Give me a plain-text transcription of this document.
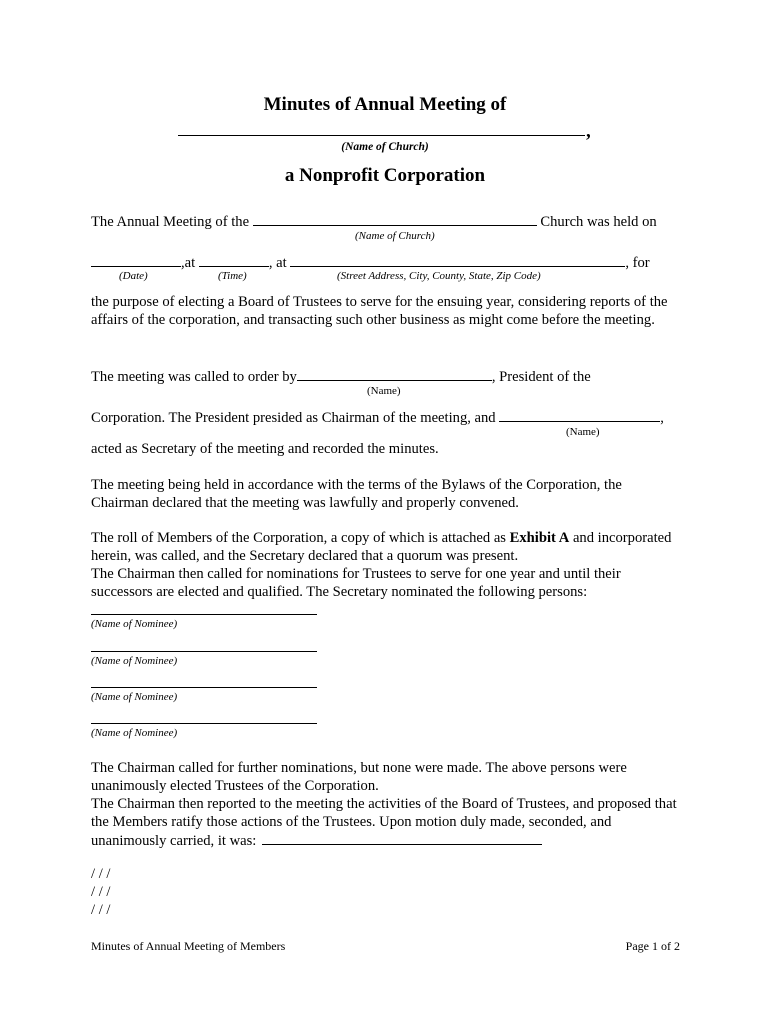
Minutes of Annual Meeting of
,
(Name of Church)
a Nonprofit Corporation
The Annual Meeting of the	Church was held on
(Name of Church)
,at	, at	, for
(Date)	(Time)	(Street Address, City, County, State, Zip Code)
the purpose of electing a Board of Trustees to serve for the ensuing year, considering reports of the affairs of the corporation, and transacting such other business as might come before the meeting.
The meeting was called to order by	, President of the
(Name)
Corporation. The President presided as Chairman of the meeting, and	,
(Name)
acted as Secretary of the meeting and recorded the minutes.
The meeting being held in accordance with the terms of the Bylaws of the Corporation, the Chairman declared that the meeting was lawfully and properly convened.
The roll of Members of the Corporation, a copy of which is attached as Exhibit A and incorporated herein, was called, and the Secretary declared that a quorum was present.
The Chairman then called for nominations for Trustees to serve for one year and until their successors are elected and qualified. The Secretary nominated the following persons:
(Name of Nominee)
(Name of Nominee)
(Name of Nominee)
(Name of Nominee)
The Chairman called for further nominations, but none were made. The above persons were unanimously elected Trustees of the Corporation.
The Chairman then reported to the meeting the activities of the Board of Trustees, and proposed that the Members ratify those actions of the Trustees. Upon motion duly made, seconded, and unanimously carried, it was:
/ / /
/ / /
/ / /
Minutes of Annual Meeting of Members	Page 1 of 2
